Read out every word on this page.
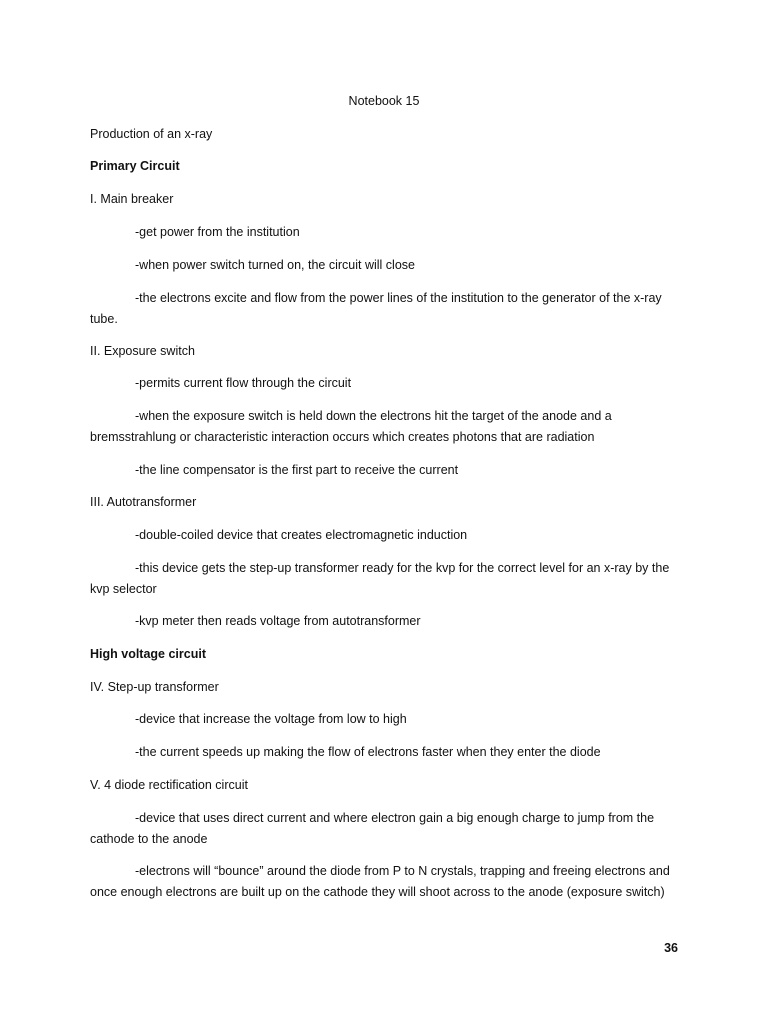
Notebook 15
Production of an x-ray
Primary Circuit
I. Main breaker
-get power from the institution
-when power switch turned on, the circuit will close
-the electrons excite and flow from the power lines of the institution to the generator of the x-ray tube.
II. Exposure switch
-permits current flow through the circuit
-when the exposure switch is held down the electrons hit the target of the anode and a bremsstrahlung or characteristic interaction occurs which creates photons that are radiation
-the line compensator is the first part to receive the current
III. Autotransformer
-double-coiled device that creates electromagnetic induction
-this device gets the step-up transformer ready for the kvp for the correct level for an x-ray by the kvp selector
-kvp meter then reads voltage from autotransformer
High voltage circuit
IV. Step-up transformer
-device that increase the voltage from low to high
-the current speeds up making the flow of electrons faster when they enter the diode
V. 4 diode rectification circuit
-device that uses direct current and where electron gain a big enough charge to jump from the cathode to the anode
-electrons will “bounce” around the diode from P to N crystals, trapping and freeing electrons and once enough electrons are built up on the cathode they will shoot across to the anode (exposure switch)
36
